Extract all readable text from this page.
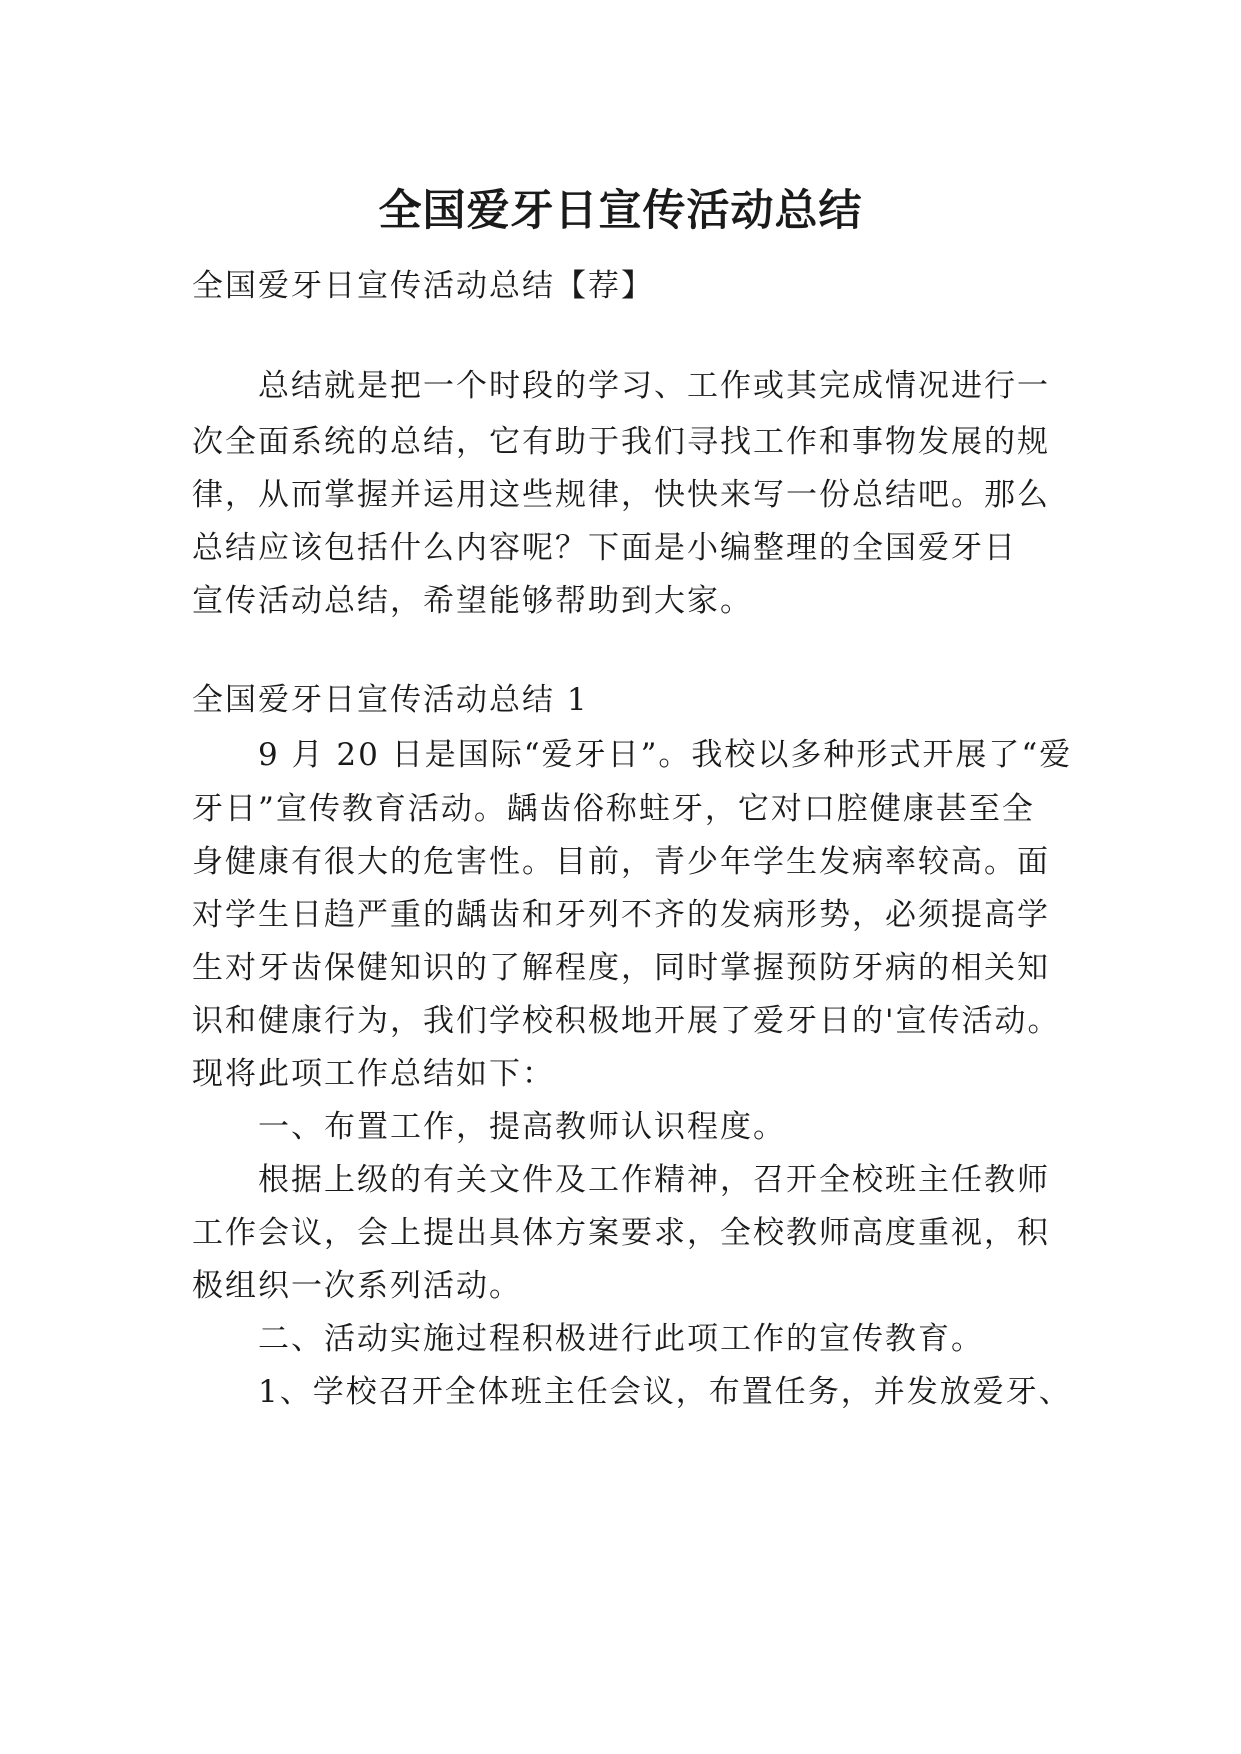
全国爱牙日宣传活动总结

全国爱牙日宣传活动总结【荐】

总结就是把一个时段的学习、工作或其完成情况进行一

次全面系统的总结，它有助于我们寻找工作和事物发展的规

律，从而掌握并运用这些规律，快快来写一份总结吧。那么

总结应该包括什么内容呢？下面是小编整理的全国爱牙日

宣传活动总结，希望能够帮助到大家。

全国爱牙日宣传活动总结 1

9 月 20 日是国际“爱牙日”。我校以多种形式开展了“爱

牙日”宣传教育活动。龋齿俗称蛀牙，它对口腔健康甚至全

身健康有很大的危害性。目前，青少年学生发病率较高。面

对学生日趋严重的龋齿和牙列不齐的发病形势，必须提高学

生对牙齿保健知识的了解程度，同时掌握预防牙病的相关知

识和健康行为，我们学校积极地开展了爱牙日的'宣传活动。

现将此项工作总结如下：

一、布置工作，提高教师认识程度。

根据上级的有关文件及工作精神，召开全校班主任教师

工作会议，会上提出具体方案要求，全校教师高度重视，积

极组织一次系列活动。

二、活动实施过程积极进行此项工作的宣传教育。

1、学校召开全体班主任会议，布置任务，并发放爱牙、
